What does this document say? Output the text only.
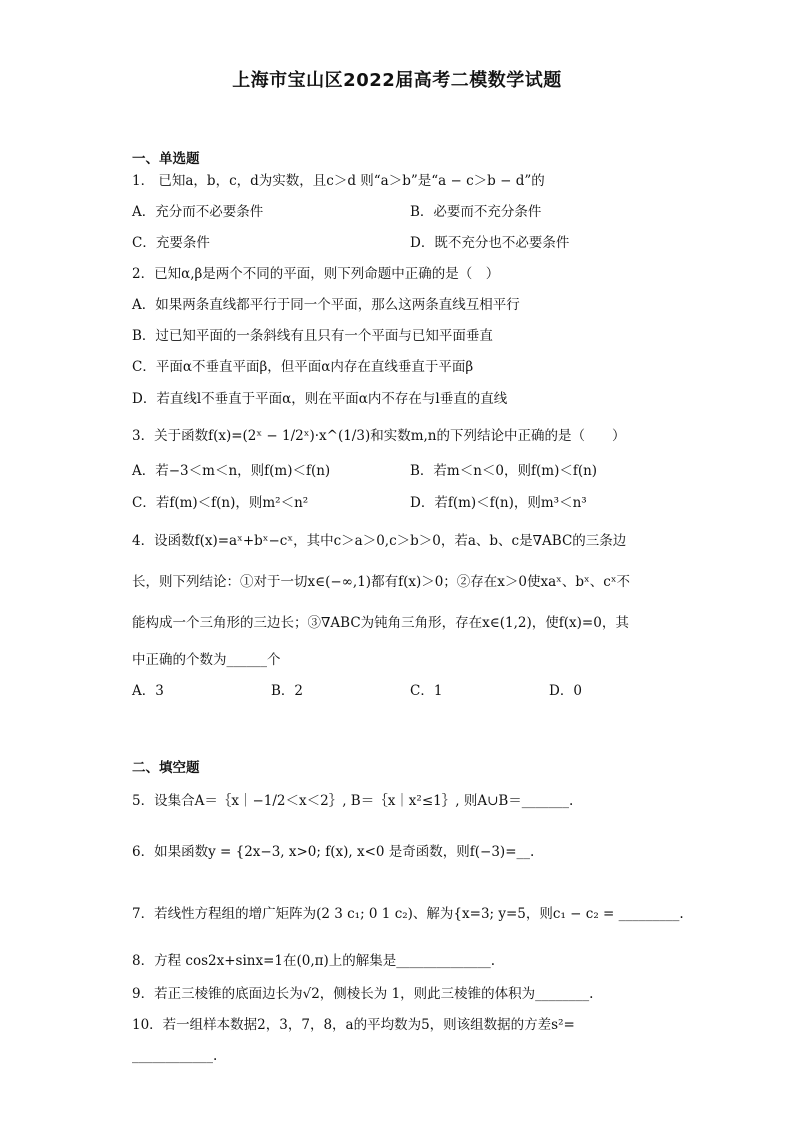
上海市宝山区2022届高考二模数学试题
一、单选题
1． 已知a，b，c，d为实数，且c＞d 则“a＞b”是“a − c＞b − d”的
A．充分而不必要条件	B．必要而不充分条件
C．充要条件	D．既不充分也不必要条件
2．已知α,β是两个不同的平面，则下列命题中正确的是（　）
A．如果两条直线都平行于同一个平面，那么这两条直线互相平行
B．过已知平面的一条斜线有且只有一个平面与已知平面垂直
C．平面α不垂直平面β，但平面α内存在直线垂直于平面β
D．若直线l不垂直于平面α，则在平面α内不存在与l垂直的直线
3．关于函数f(x)=(2ˣ − 1/2ˣ)·x^(1/3)和实数m,n的下列结论中正确的是（　　）
A．若−3＜m＜n，则f(m)＜f(n)	B．若m＜n＜0，则f(m)＜f(n)
C．若f(m)＜f(n)，则m²＜n²	D．若f(m)＜f(n)，则m³＜n³
4．设函数f(x)=aˣ+bˣ−cˣ，其中c＞a＞0,c＞b＞0，若a、b、c是∇ABC的三条边
长，则下列结论：①对于一切x∈(−∞,1)都有f(x)＞0；②存在x＞0使xaˣ、bˣ、cˣ不
能构成一个三角形的三边长；③∇ABC为钝角三角形，存在x∈(1,2)，使f(x)=0，其
中正确的个数为______个
A．3	B．2	C．1	D．0
二、填空题
5．设集合A＝｛x｜−1/2＜x＜2｝, B＝｛x｜x²≤1｝, 则A∪B＝_______.
6．如果函数y = {2x−3, x>0; f(x), x<0 是奇函数，则f(−3)=__.
7．若线性方程组的增广矩阵为(2 3 c₁; 0 1 c₂)、解为{x=3; y=5，则c₁ − c₂ = _________.
8．方程 cos2x+sinx=1在(0,π)上的解集是______________.
9．若正三棱锥的底面边长为√2，侧棱长为 1，则此三棱锥的体积为________.
10．若一组样本数据2，3，7，8，a的平均数为5，则该组数据的方差s²=
____________.
